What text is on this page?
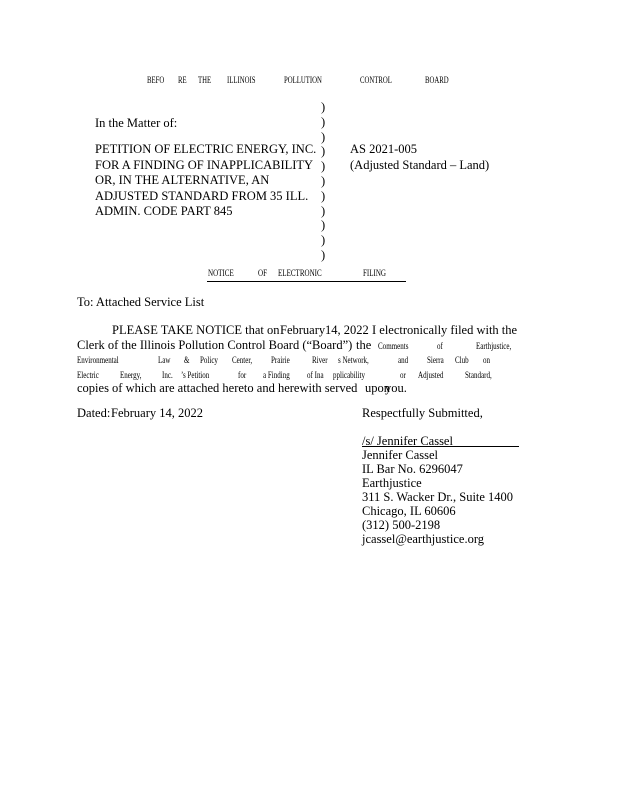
BEFO RE THE ILLINOIS	POLLUTION	CONTROL	BOARD
In the Matter of:
PETITION OF ELECTRIC ENERGY, INC.
FOR A FINDING OF INAPPLICABILITY
OR, IN THE ALTERNATIVE, AN
ADJUSTED STANDARD FROM 35 ILL.
ADMIN. CODE PART 845
)
)
)
)
)
)
)
)
)
)
)
AS 2021-005
(Adjusted Standard – Land)
NOTICE	OF ELECTRONIC	FILING
To: Attached Service List
PLEASE TAKE NOTICE that on February 14, 2022 I electronically filed with the
Clerk of the Illinois Pollution Control Board (“Board”) the Comments	of	Earthjustice,
Environmental	Law & Policy Center, Prairie River s Network,	and Sierra Club on
Electric Energy, Inc. ’s Petition	for a Finding of Ina pplicability	or Adjusted Standard,
copies of which are attached hereto and herewith served upon
you.
Dated: February 14, 2022	Respectfully Submitted,
/s/ Jennifer Cassel
Jennifer Cassel
IL Bar No. 6296047
Earthjustice
311 S. Wacker Dr., Suite 1400
Chicago, IL 60606
(312) 500-2198
jcassel@earthjustice.org
